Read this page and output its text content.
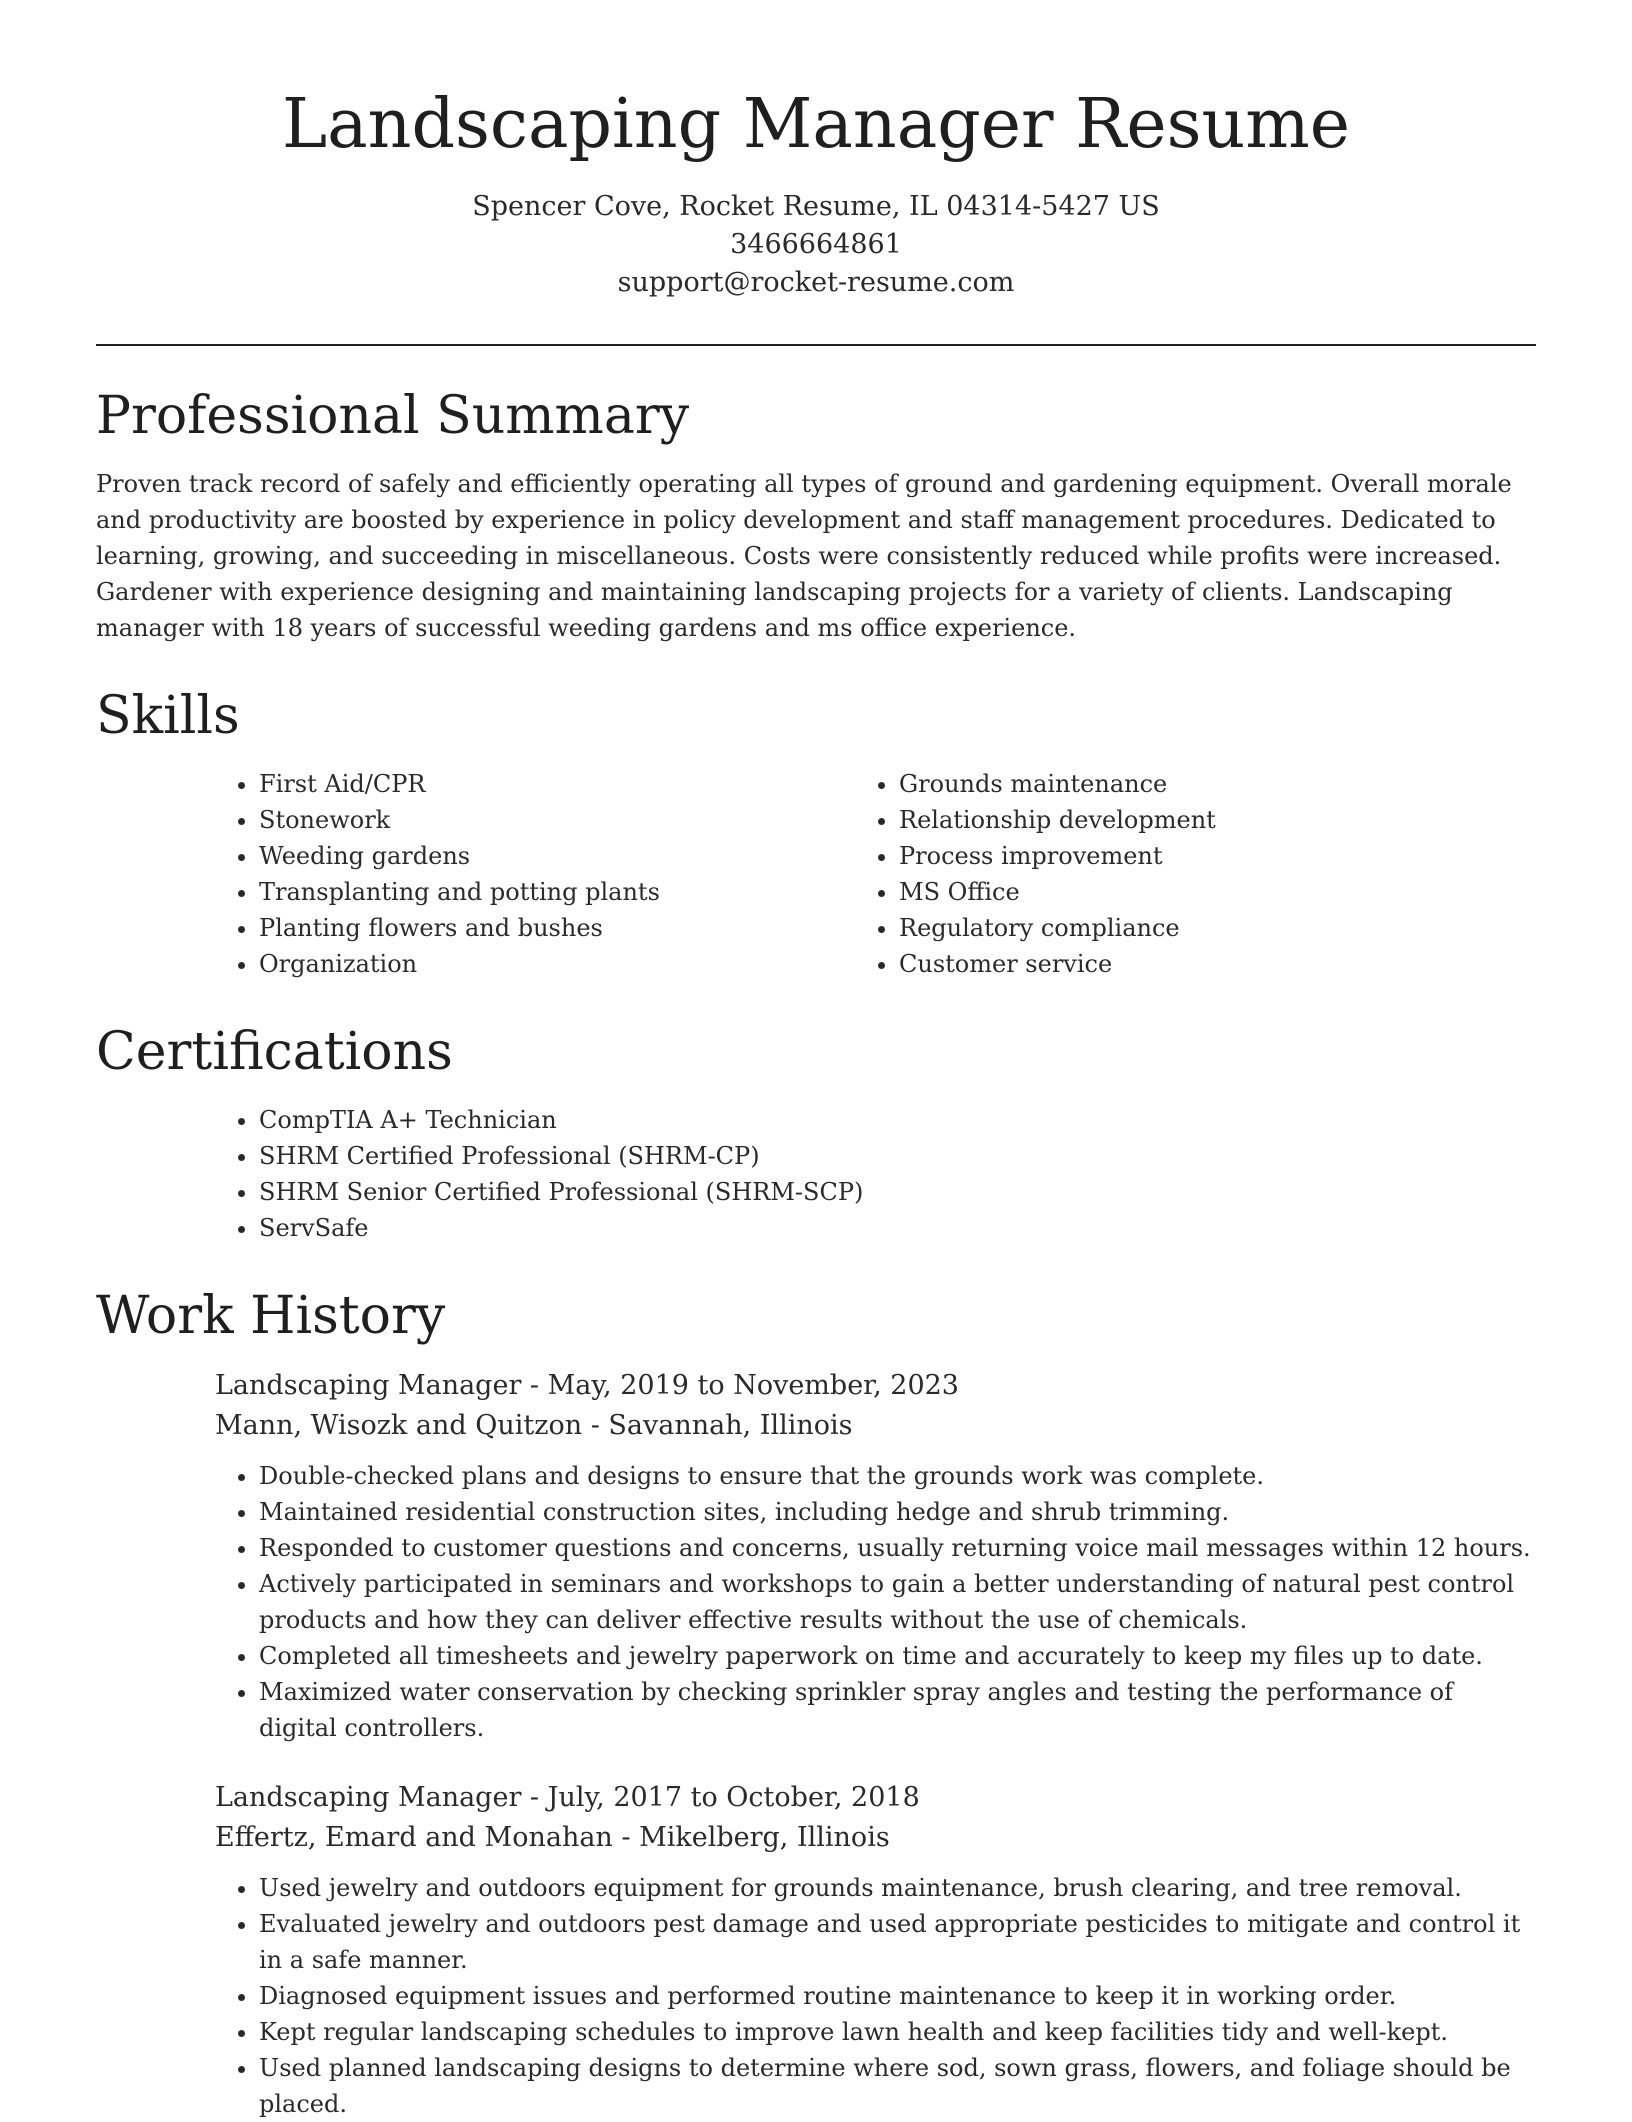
Landscaping Manager Resume
Spencer Cove, Rocket Resume, IL 04314-5427 US
3466664861
support@rocket-resume.com
Professional Summary

Proven track record of safely and efficiently operating all types of ground and gardening equipment. Overall morale and productivity are boosted by experience in policy development and staff management procedures. Dedicated to learning, growing, and succeeding in miscellaneous. Costs were consistently reduced while profits were increased. Gardener with experience designing and maintaining landscaping projects for a variety of clients. Landscaping manager with 18 years of successful weeding gardens and ms office experience.

Skills
• First Aid/CPR
• Stonework
• Weeding gardens
• Transplanting and potting plants
• Planting flowers and bushes
• Organization
• Grounds maintenance
• Relationship development
• Process improvement
• MS Office
• Regulatory compliance
• Customer service
Certifications
• CompTIA A+ Technician
• SHRM Certified Professional (SHRM-CP)
• SHRM Senior Certified Professional (SHRM-SCP)
• ServSafe
Work History
Landscaping Manager - May, 2019 to November, 2023
Mann, Wisozk and Quitzon - Savannah, Illinois
• Double-checked plans and designs to ensure that the grounds work was complete.
• Maintained residential construction sites, including hedge and shrub trimming.
• Responded to customer questions and concerns, usually returning voice mail messages within 12 hours.
• Actively participated in seminars and workshops to gain a better understanding of natural pest control products and how they can deliver effective results without the use of chemicals.
• Completed all timesheets and jewelry paperwork on time and accurately to keep my files up to date.
• Maximized water conservation by checking sprinkler spray angles and testing the performance of digital controllers.
Landscaping Manager - July, 2017 to October, 2018
Effertz, Emard and Monahan - Mikelberg, Illinois
• Used jewelry and outdoors equipment for grounds maintenance, brush clearing, and tree removal.
• Evaluated jewelry and outdoors pest damage and used appropriate pesticides to mitigate and control it in a safe manner.
• Diagnosed equipment issues and performed routine maintenance to keep it in working order.
• Kept regular landscaping schedules to improve lawn health and keep facilities tidy and well-kept.
• Used planned landscaping designs to determine where sod, sown grass, flowers, and foliage should be placed.
